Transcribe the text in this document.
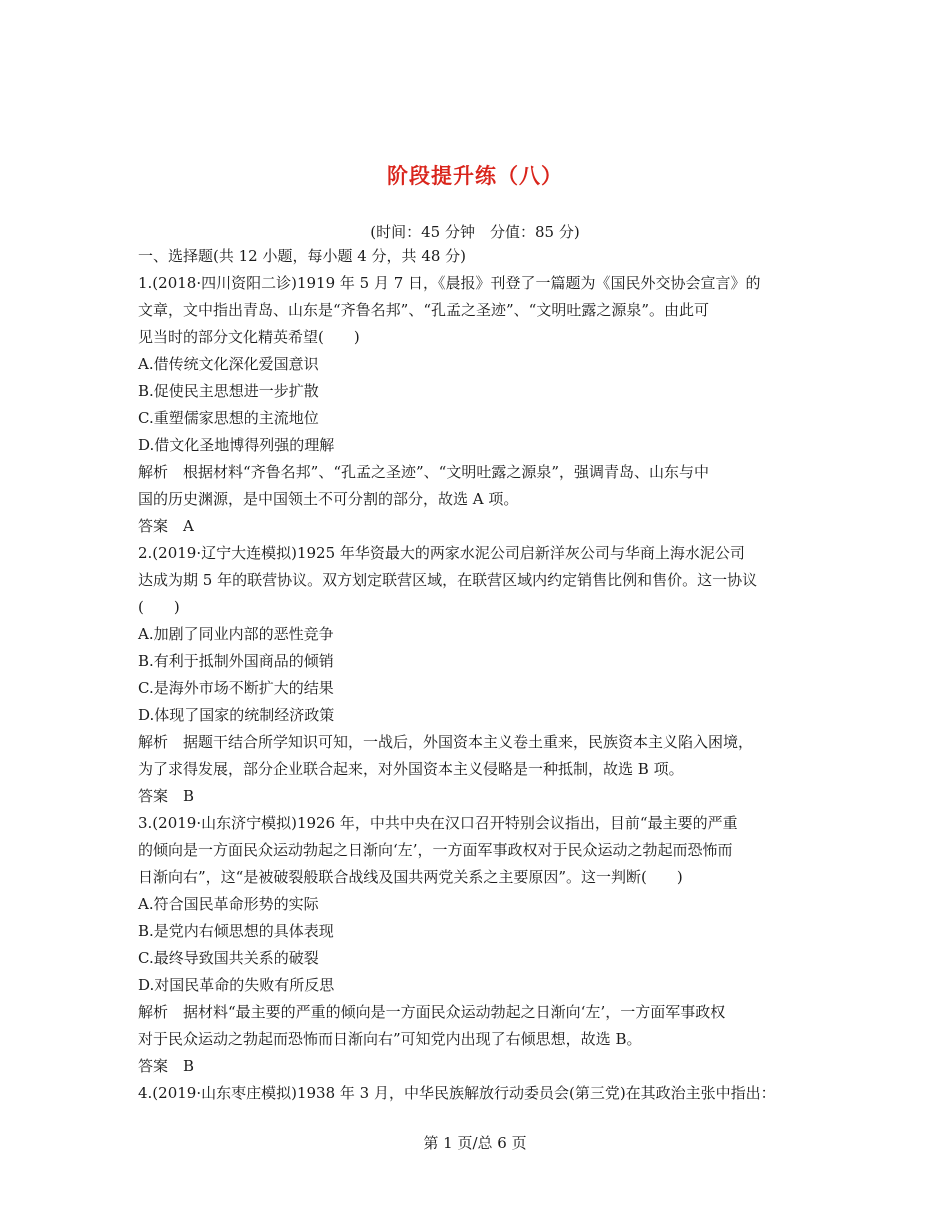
阶段提升练（八）
(时间：45 分钟　分值：85 分)
一、选择题(共 12 小题，每小题 4 分，共 48 分)
1.(2018·四川资阳二诊)1919 年 5 月 7 日，《晨报》刊登了一篇题为《国民外交协会宣言》的
文章，文中指出青岛、山东是“齐鲁名邦”、“孔孟之圣迹”、“文明吐露之源泉”。由此可
见当时的部分文化精英希望(　　)
A.借传统文化深化爱国意识
B.促使民主思想进一步扩散
C.重塑儒家思想的主流地位
D.借文化圣地博得列强的理解
解析　根据材料“齐鲁名邦”、“孔孟之圣迹”、“文明吐露之源泉”，强调青岛、山东与中
国的历史渊源，是中国领土不可分割的部分，故选 A 项。
答案　A
2.(2019·辽宁大连模拟)1925 年华资最大的两家水泥公司启新洋灰公司与华商上海水泥公司
达成为期 5 年的联营协议。双方划定联营区域，在联营区域内约定销售比例和售价。这一协议
(　　)
A.加剧了同业内部的恶性竞争
B.有利于抵制外国商品的倾销
C.是海外市场不断扩大的结果
D.体现了国家的统制经济政策
解析　据题干结合所学知识可知，一战后，外国资本主义卷土重来，民族资本主义陷入困境，
为了求得发展，部分企业联合起来，对外国资本主义侵略是一种抵制，故选 B 项。
答案　B
3.(2019·山东济宁模拟)1926 年，中共中央在汉口召开特别会议指出，目前“最主要的严重
的倾向是一方面民众运动勃起之日渐向‘左’，一方面军事政权对于民众运动之勃起而恐怖而
日渐向右”，这“是被破裂般联合战线及国共两党关系之主要原因”。这一判断(　　)
A.符合国民革命形势的实际
B.是党内右倾思想的具体表现
C.最终导致国共关系的破裂
D.对国民革命的失败有所反思
解析　据材料“最主要的严重的倾向是一方面民众运动勃起之日渐向‘左’，一方面军事政权
对于民众运动之勃起而恐怖而日渐向右”可知党内出现了右倾思想，故选 B。
答案　B
4.(2019·山东枣庄模拟)1938 年 3 月，中华民族解放行动委员会(第三党)在其政治主张中指出：
第 1 页/总 6 页
